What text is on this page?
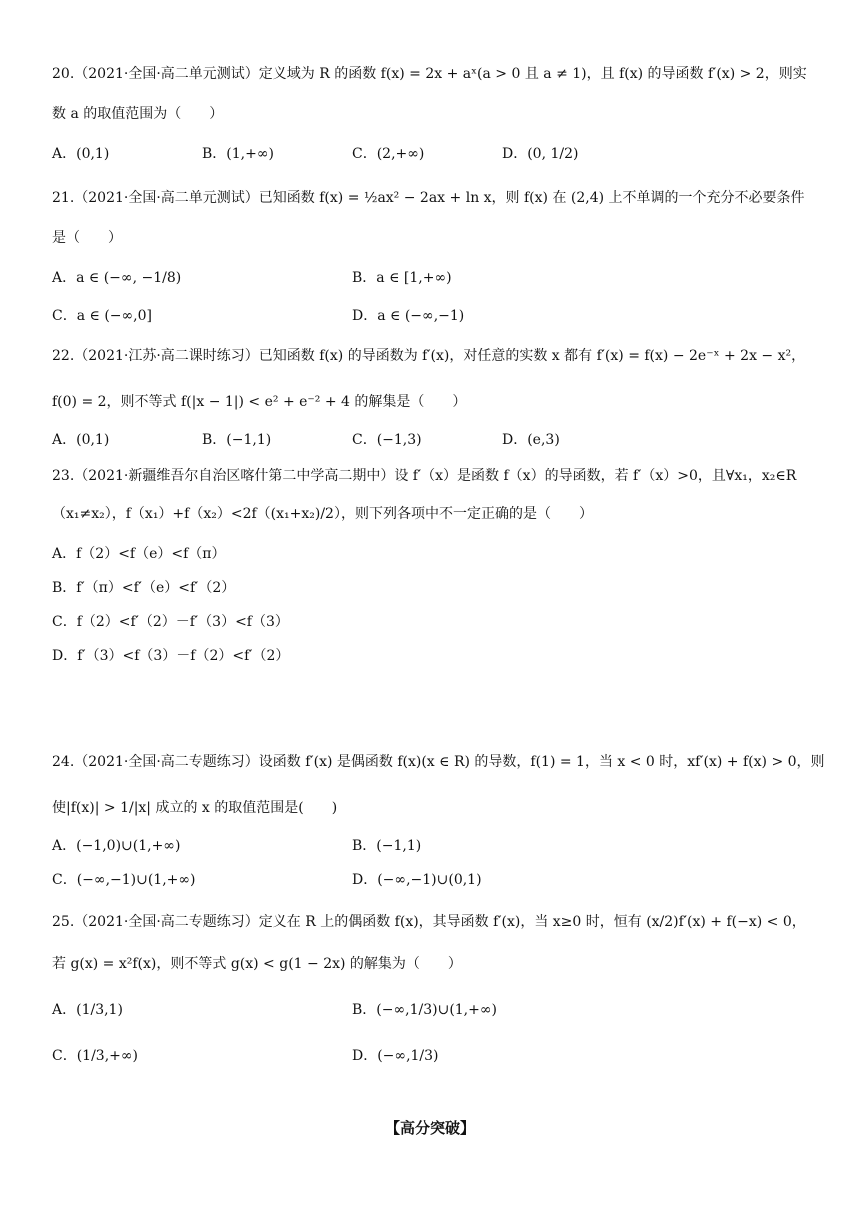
20.（2021·全国·高二单元测试）定义域为 R 的函数 f(x) = 2x + aˣ(a > 0 且 a ≠ 1)，且 f(x) 的导函数 f′(x) > 2，则实
数 a 的取值范围为（　　）
A．(0,1)	B．(1,+∞)	C．(2,+∞)	D．(0, 1/2)
21.（2021·全国·高二单元测试）已知函数 f(x) = ½ax² − 2ax + ln x，则 f(x) 在 (2,4) 上不单调的一个充分不必要条件
是（　　）
A．a ∈ (−∞, −1/8)	B．a ∈ [1,+∞)
C．a ∈ (−∞,0]	D．a ∈ (−∞,−1)
22.（2021·江苏·高二课时练习）已知函数 f(x) 的导函数为 f′(x)，对任意的实数 x 都有 f′(x) = f(x) − 2e⁻ˣ + 2x − x²，
f(0) = 2，则不等式 f(|x − 1|) < e² + e⁻² + 4 的解集是（　　）
A．(0,1)	B．(−1,1)	C．(−1,3)	D．(e,3)
23.（2021·新疆维吾尔自治区喀什第二中学高二期中）设 f′（x）是函数 f（x）的导函数，若 f′（x）>0，且∀x₁，x₂∈R
（x₁≠x₂），f（x₁）+f（x₂）<2f（(x₁+x₂)/2），则下列各项中不一定正确的是（　　）
A．f（2）<f（e）<f（π）
B．f′（π）<f′（e）<f′（2）
C．f（2）<f′（2）－f′（3）<f（3）
D．f′（3）<f（3）－f（2）<f′（2）
24.（2021·全国·高二专题练习）设函数 f′(x) 是偶函数 f(x)(x ∈ R) 的导数，f(1) = 1，当 x < 0 时，xf′(x) + f(x) > 0，则
使|f(x)| > 1/|x| 成立的 x 的取值范围是(　　)
A．(−1,0)∪(1,+∞)	B．(−1,1)
C．(−∞,−1)∪(1,+∞)	D．(−∞,−1)∪(0,1)
25.（2021·全国·高二专题练习）定义在 R 上的偶函数 f(x)，其导函数 f′(x)，当 x≥0 时，恒有 (x/2)f′(x) + f(−x) < 0，
若 g(x) = x²f(x)，则不等式 g(x) < g(1 − 2x) 的解集为（　　）
A．(1/3,1)	B．(−∞,1/3)∪(1,+∞)
C．(1/3,+∞)	D．(−∞,1/3)
【高分突破】
